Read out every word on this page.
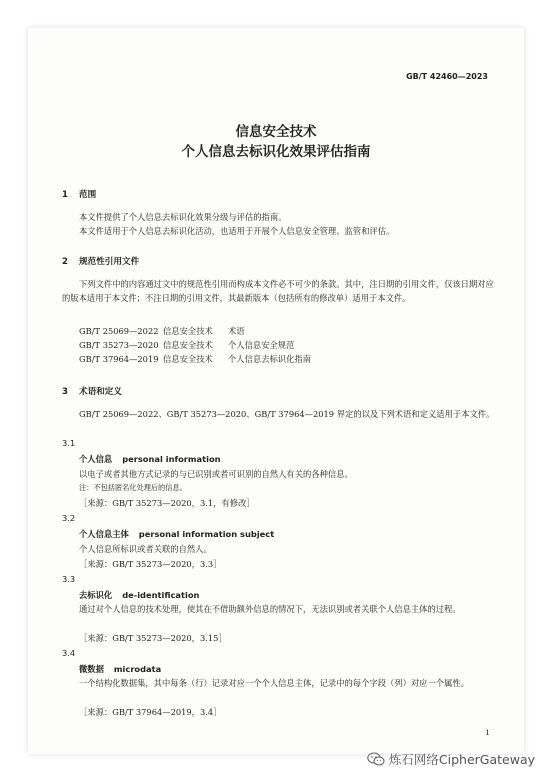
GB/T 42460—2023
信息安全技术
个人信息去标识化效果评估指南
1 范围
本文件提供了个人信息去标识化效果分级与评估的指南。
本文件适用于个人信息去标识化活动，也适用于开展个人信息安全管理、监管和评估。
2 规范性引用文件
下列文件中的内容通过文中的规范性引用而构成本文件必不可少的条款。其中，注日期的引用文件，仅该日期对应的版本适用于本文件；不注日期的引用文件，其最新版本（包括所有的修改单）适用于本文件。
GB/T 25069—2022 信息安全技术 术语
GB/T 35273—2020 信息安全技术 个人信息安全规范
GB/T 37964—2019 信息安全技术 个人信息去标识化指南
3 术语和定义
GB/T 25069—2022、GB/T 35273—2020、GB/T 37964—2019 界定的以及下列术语和定义适用于本文件。
3.1
个人信息 personal information
以电子或者其他方式记录的与已识别或者可识别的自然人有关的各种信息。
注：不包括匿名化处理后的信息。
［来源：GB/T 35273—2020，3.1，有修改］
3.2
个人信息主体 personal information subject
个人信息所标识或者关联的自然人。
［来源：GB/T 35273—2020，3.3］
3.3
去标识化 de-identification
通过对个人信息的技术处理，使其在不借助额外信息的情况下，无法识别或者关联个人信息主体的过程。
［来源：GB/T 35273—2020，3.15］
3.4
微数据 microdata
一个结构化数据集，其中每条（行）记录对应一个个人信息主体，记录中的每个字段（列）对应一个属性。
［来源：GB/T 37964—2019，3.4］
1
炼石网络CipherGateway
